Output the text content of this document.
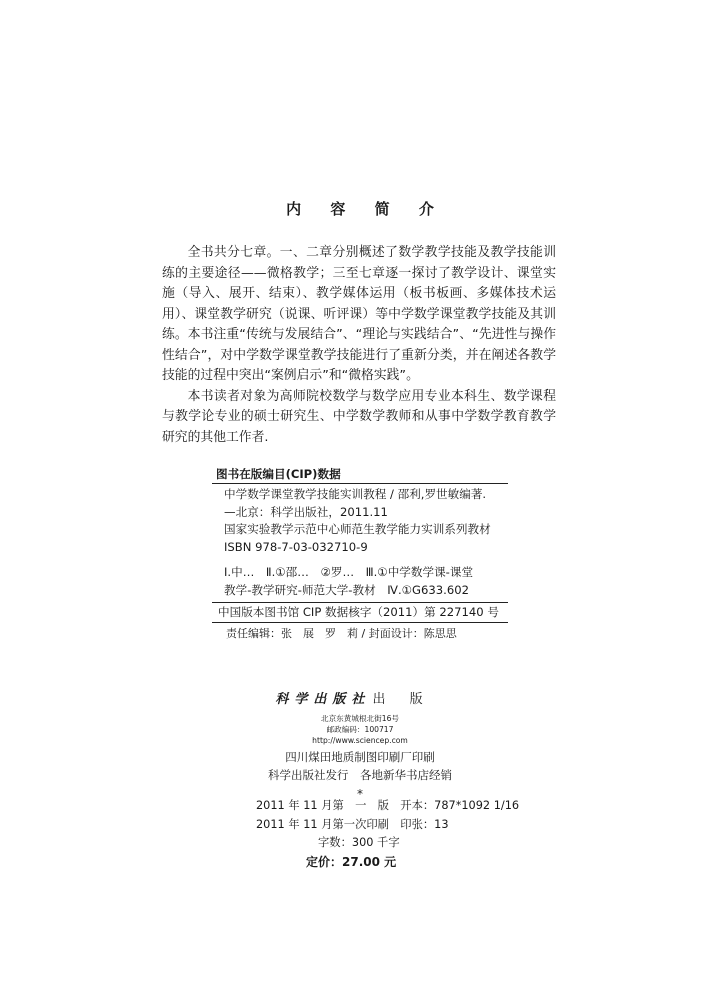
内 容 简 介

全书共分七章。一、二章分别概述了数学教学技能及教学技能训练的主要途径——微格教学；三至七章逐一探讨了教学设计、课堂实施（导入、展开、结束）、教学媒体运用（板书板画、多媒体技术运用）、课堂教学研究（说课、听评课）等中学数学课堂教学技能及其训练。本书注重“传统与发展结合”、“理论与实践结合”、“先进性与操作性结合”，对中学数学课堂教学技能进行了重新分类，并在阐述各教学技能的过程中突出“案例启示”和“微格实践”。

本书读者对象为高师院校数学与数学应用专业本科生、数学课程与教学论专业的硕士研究生、中学数学教师和从事中学数学教育教学研究的其他工作者.

图书在版编目(CIP)数据
中学数学课堂教学技能实训教程 / 邵利,罗世敏编著.
—北京：科学出版社，2011.11
国家实验教学示范中心师范生教学能力实训系列教材
ISBN 978-7-03-032710-9
Ⅰ.中…　Ⅱ.①邵…　②罗…　Ⅲ.①中学数学课-课堂
教学-教学研究-师范大学-教材　Ⅳ.①G633.602
中国版本图书馆 CIP 数据核字（2011）第 227140 号
责任编辑：张　展　罗　莉 / 封面设计：陈思思
科学出版社 出 版
北京东黄城根北街16号
邮政编码：100717
http://www.sciencep.com
四川煤田地质制图印刷厂印刷
科学出版社发行　各地新华书店经销
*
2011 年 11 月第　一　版　开本：787*1092 1/16
2011 年 11 月第一次印刷　印张：13
字数：300 千字
定价：27.00 元
